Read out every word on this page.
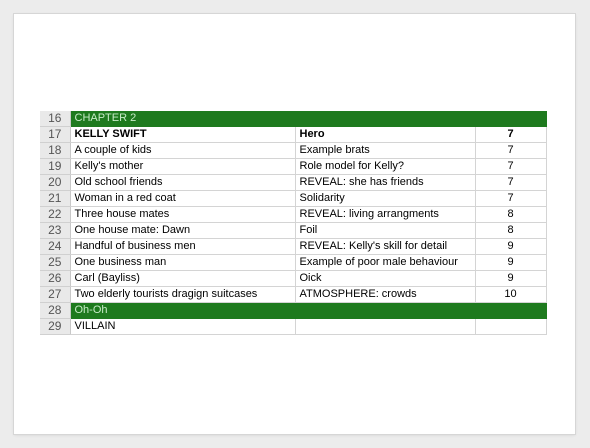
16	CHAPTER 2		
17	KELLY SWIFT	Hero	7
18	A couple of kids	Example brats	7
19	Kelly's mother	Role model for Kelly?	7
20	Old school friends	REVEAL: she has friends	7
21	Woman in a red coat	Solidarity	7
22	Three house mates	REVEAL: living arrangments	8
23	One house mate: Dawn	Foil	8
24	Handful of business men	REVEAL: Kelly's skill for detail	9
25	One business man	Example of poor male behaviour	9
26	Carl (Bayliss)	Oick	9
27	Two elderly tourists dragign suitcases	ATMOSPHERE: crowds	10
28	Oh-Oh		
29	VILLAIN		
